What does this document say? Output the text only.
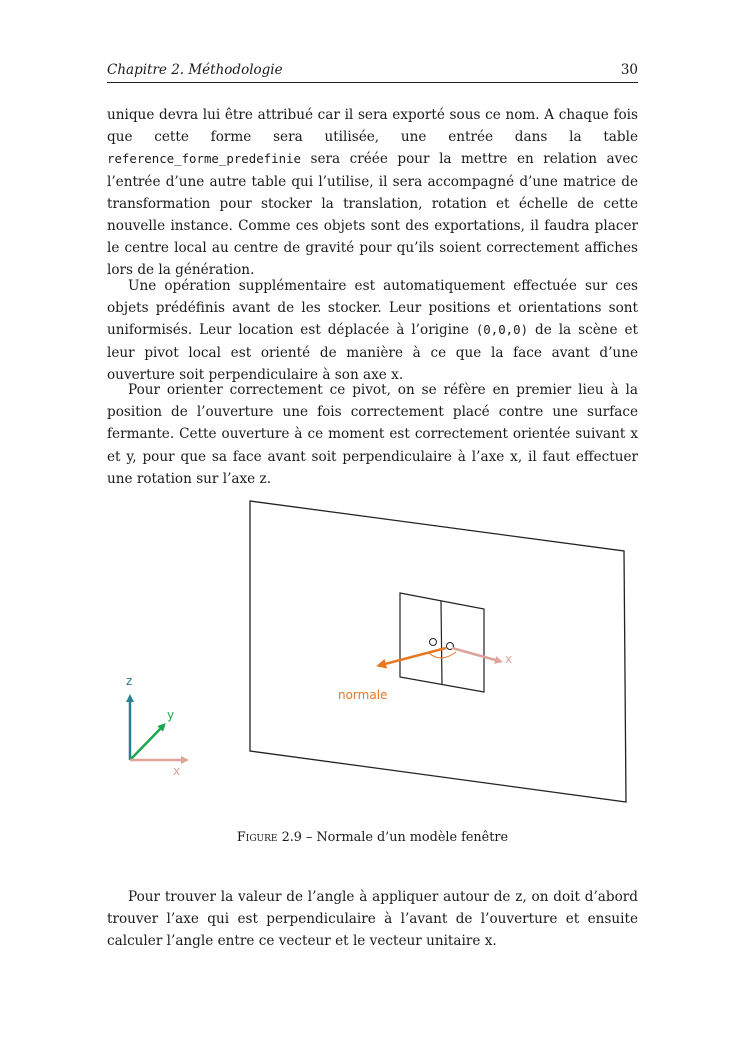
Chapitre 2. Méthodologie	30

unique devra lui être attribué car il sera exporté sous ce nom. A chaque fois que cette forme sera utilisée, une entrée dans la table reference_forme_predefinie sera créée pour la mettre en relation avec l’entrée d’une autre table qui l’utilise, il sera accompagné d’une matrice de transformation pour stocker la translation, rotation et échelle de cette nouvelle instance. Comme ces objets sont des exportations, il faudra placer le centre local au centre de gravité pour qu’ils soient correctement affiches lors de la génération.

Une opération supplémentaire est automatiquement effectuée sur ces objets prédéfinis avant de les stocker. Leur positions et orientations sont uniformisés. Leur location est déplacée à l’origine (0,0,0) de la scène et leur pivot local est orienté de manière à ce que la face avant d’une ouverture soit perpendiculaire à son axe x.

Pour orienter correctement ce pivot, on se réfère en premier lieu à la position de l’ouverture une fois correctement placé contre une surface fermante. Cette ouverture à ce moment est correctement orientée suivant x et y, pour que sa face avant soit perpendiculaire à l’axe x, il faut effectuer une rotation sur l’axe z.

x
normale
z
y
x
Figure 2.9 – Normale d’un modèle fenêtre

Pour trouver la valeur de l’angle à appliquer autour de z, on doit d’abord trouver l’axe qui est perpendiculaire à l’avant de l’ouverture et ensuite calculer l’angle entre ce vecteur et le vecteur unitaire x.
